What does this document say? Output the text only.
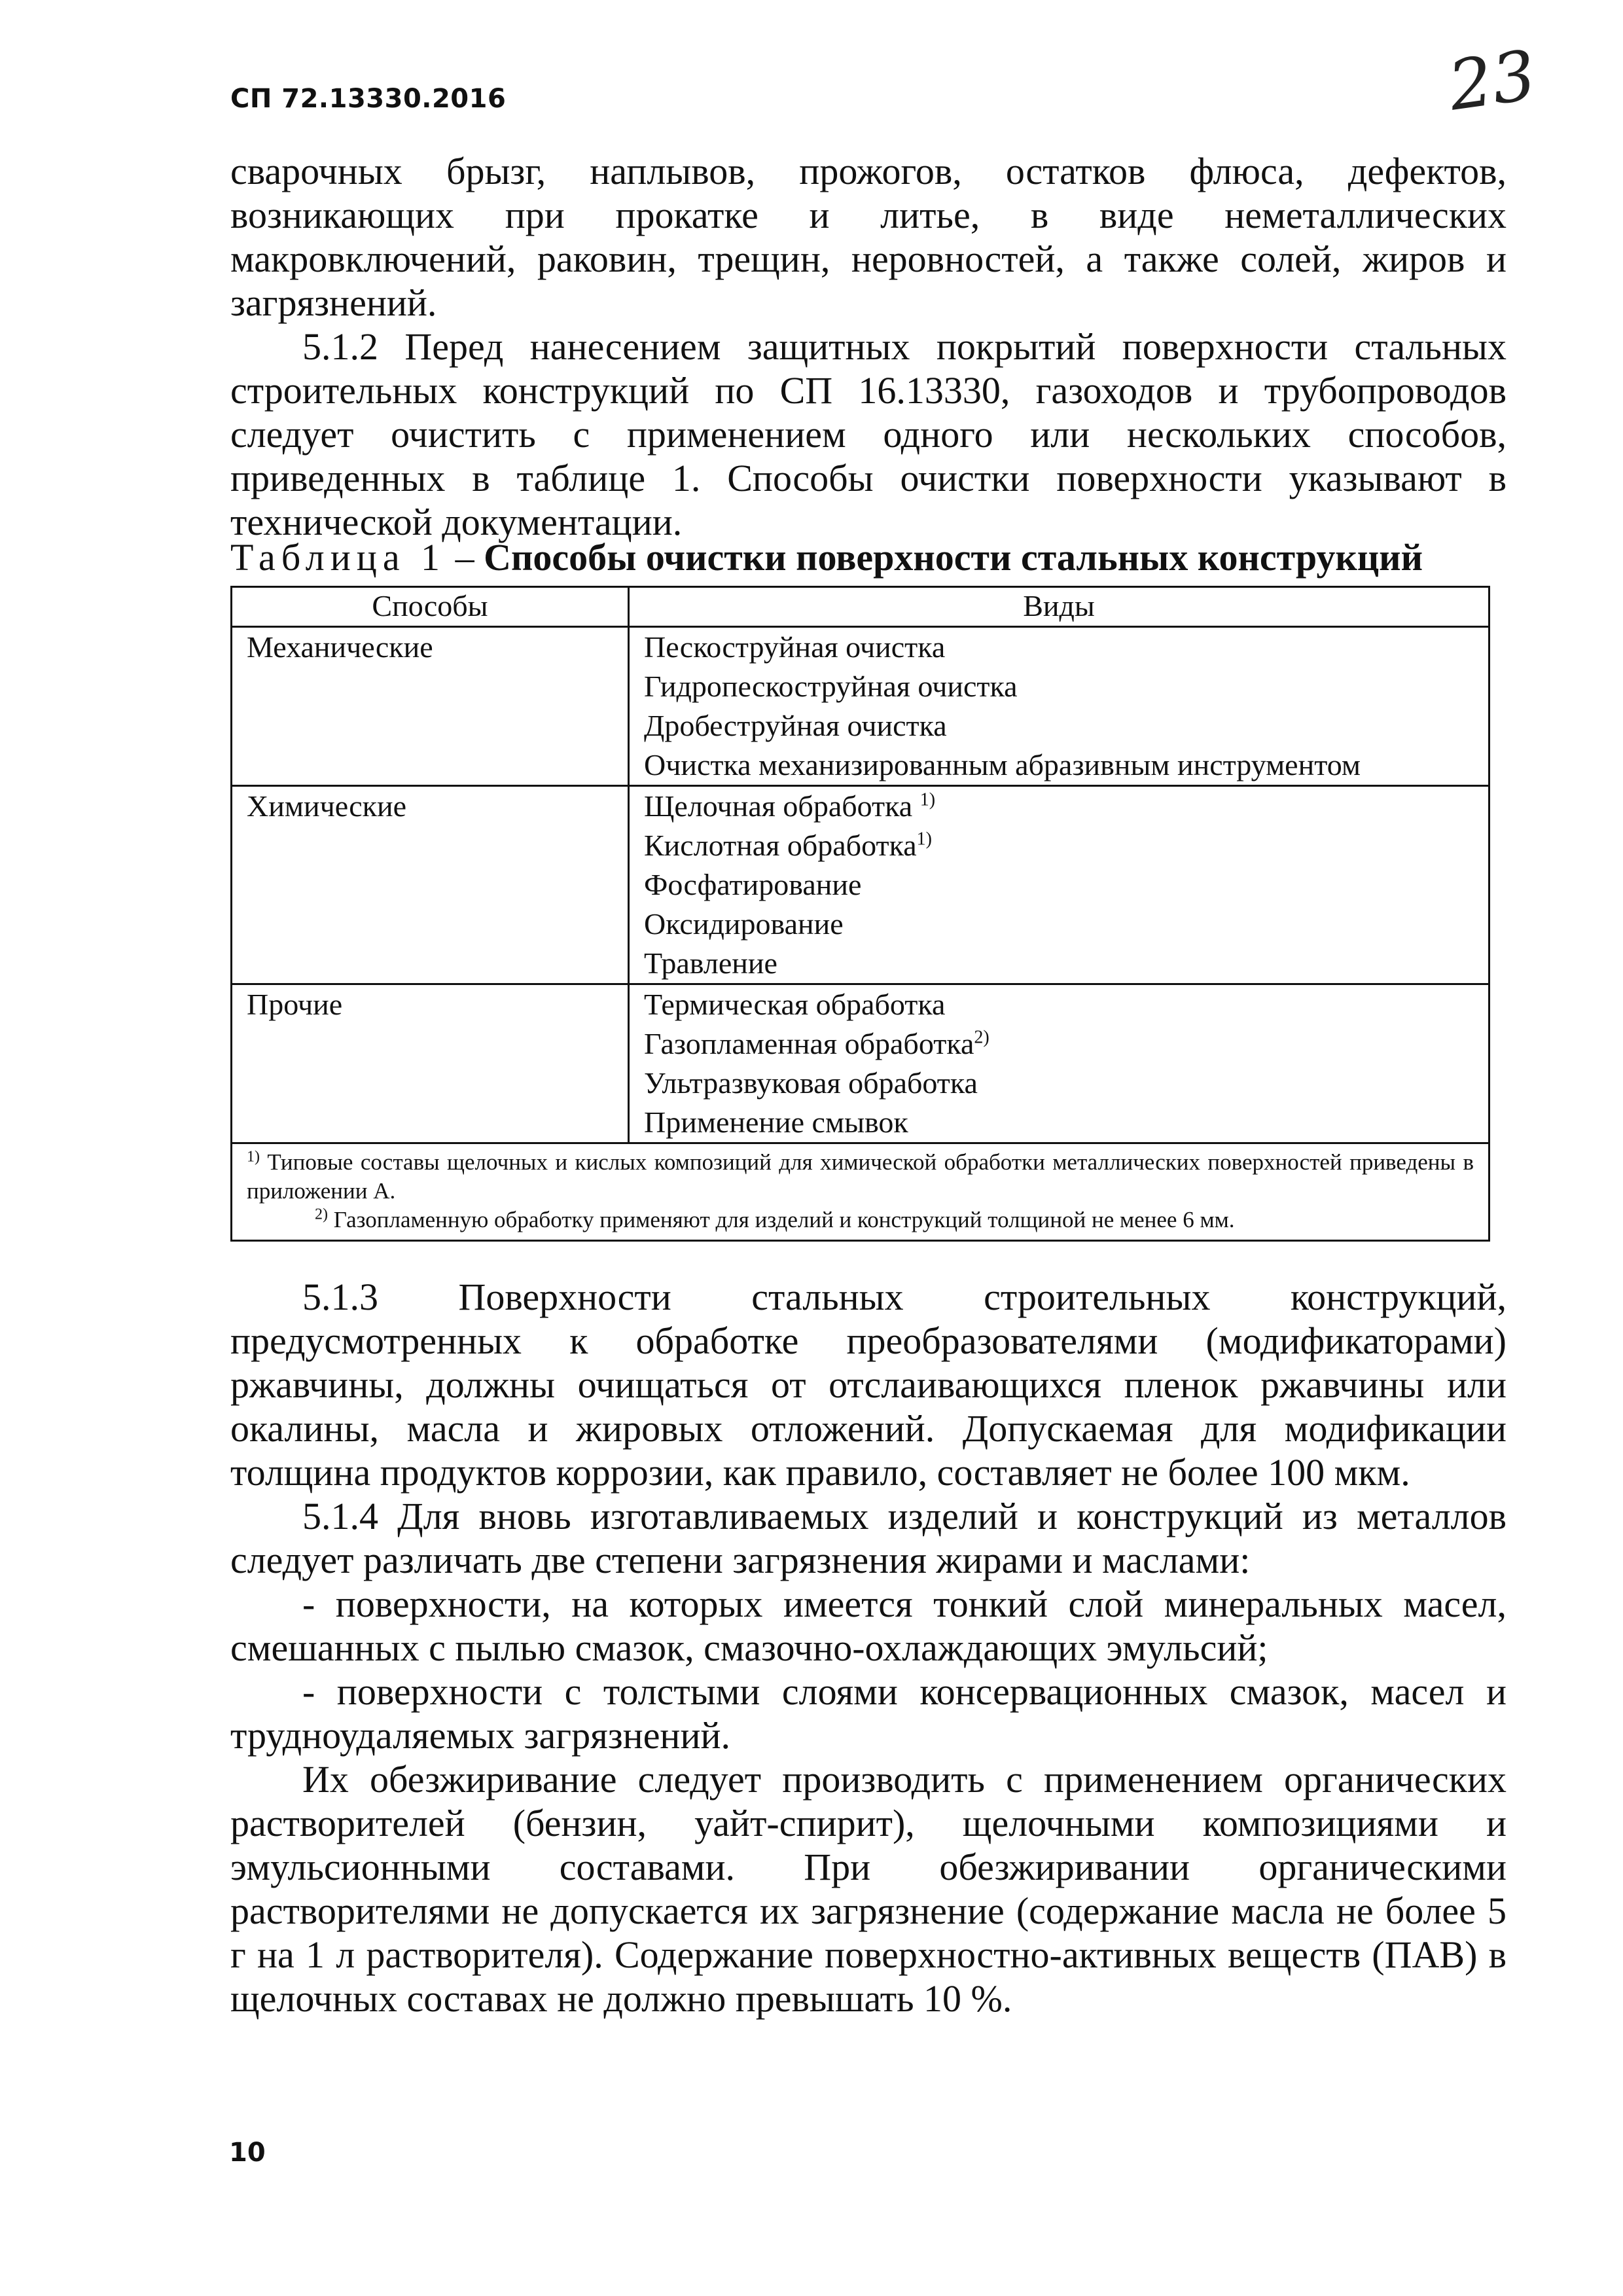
СП 72.13330.2016	23

сварочных брызг, наплывов, прожогов, остатков флюса, дефектов, возникающих при прокатке и литье, в виде неметаллических макровключений, раковин, трещин, неровностей, а также солей, жиров и загрязнений.

5.1.2 Перед нанесением защитных покрытий поверхности стальных строительных конструкций по СП 16.13330, газоходов и трубопроводов следует очистить с применением одного или нескольких способов, приведенных в таблице 1. Способы очистки поверхности указывают в технической документации.

Таблица 1 – Способы очистки поверхности стальных конструкций
Способы	Виды
Механические	Пескоструйная очистка
Гидропескоструйная очистка
Дробеструйная очистка
Очистка механизированным абразивным инструментом

Химические	Щелочная обработка $^{1)}$
Кислотная обработка$^{1)}$
Фосфатирование
Оксидирование
Травление

Прочие	Термическая обработка
Газопламенная обработка$^{2)}$
Ультразвуковая обработка
Применение смывок

$^{1)}$ Типовые составы щелочных и кислых композиций для химической обработки металлических поверхностей приведены в приложении А.

$^{2)}$ Газопламенную обработку применяют для изделий и конструкций толщиной не менее 6 мм.	

5.1.3 Поверхности стальных строительных конструкций, предусмотренных к обработке преобразователями (модификаторами) ржавчины, должны очищаться от отслаивающихся пленок ржавчины или окалины, масла и жировых отложений. Допускаемая для модификации толщина продуктов коррозии, как правило, составляет не более 100 мкм.

5.1.4 Для вновь изготавливаемых изделий и конструкций из металлов следует различать две степени загрязнения жирами и маслами:

- поверхности, на которых имеется тонкий слой минеральных масел, смешанных с пылью смазок, смазочно-охлаждающих эмульсий;

- поверхности с толстыми слоями консервационных смазок, масел и трудноудаляемых загрязнений.

Их обезжиривание следует производить с применением органических растворителей (бензин, уайт-спирит), щелочными композициями и эмульсионными составами. При обезжиривании органическими растворителями не допускается их загрязнение (содержание масла не более 5 г на 1 л растворителя). Содержание поверхностно-активных веществ (ПАВ) в щелочных составах не должно превышать 10 %.

10
